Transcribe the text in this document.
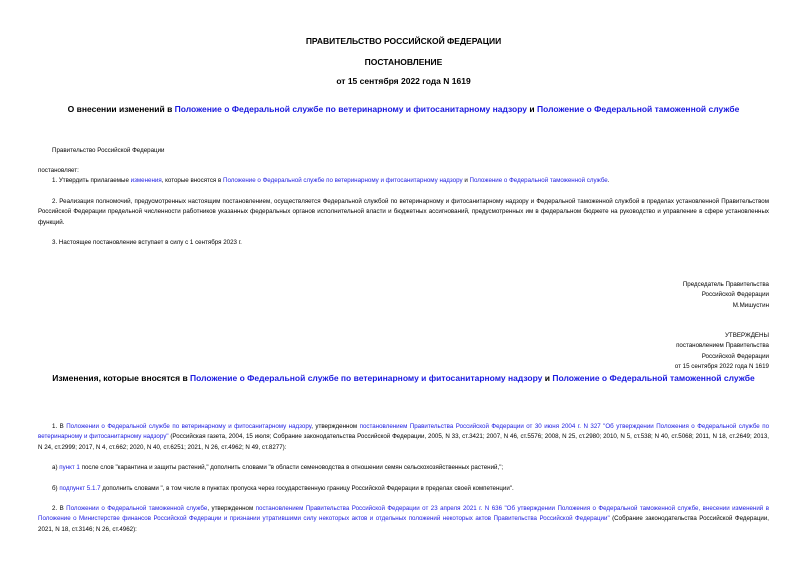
ПРАВИТЕЛЬСТВО РОССИЙСКОЙ ФЕДЕРАЦИИ
ПОСТАНОВЛЕНИЕ
от 15 сентября 2022 года N 1619
О внесении изменений в Положение о Федеральной службе по ветеринарному и фитосанитарному надзору и Положение о Федеральной таможенной службе
Правительство Российской Федерации
постановляет:
1. Утвердить прилагаемые изменения, которые вносятся в Положение о Федеральной службе по ветеринарному и фитосанитарному надзору и Положение о Федеральной таможенной службе.
2. Реализация полномочий, предусмотренных настоящим постановлением, осуществляется Федеральной службой по ветеринарному и фитосанитарному надзору и Федеральной таможенной службой в пределах установленной Правительством Российской Федерации предельной численности работников указанных федеральных органов исполнительной власти и бюджетных ассигнований, предусмотренных им в федеральном бюджете на руководство и управление в сфере установленных функций.
3. Настоящее постановление вступает в силу с 1 сентября 2023 г.
Председатель Правительства
Российской Федерации
М.Мишустин
УТВЕРЖДЕНЫ
постановлением Правительства
Российской Федерации
от 15 сентября 2022 года N 1619
Изменения, которые вносятся в Положение о Федеральной службе по ветеринарному и фитосанитарному надзору и Положение о Федеральной таможенной службе
1. В Положении о Федеральной службе по ветеринарному и фитосанитарному надзору, утвержденном постановлением Правительства Российской Федерации от 30 июня 2004 г. N 327 "Об утверждении Положения о Федеральной службе по ветеринарному и фитосанитарному надзору" (Российская газета, 2004, 15 июля; Собрание законодательства Российской Федерации, 2005, N 33, ст.3421; 2007, N 46, ст.5576; 2008, N 25, ст.2980; 2010, N 5, ст.538; N 40, ст.5068; 2011, N 18, ст.2649; 2013, N 24, ст.2999; 2017, N 4, ст.662; 2020, N 40, ст.6251; 2021, N 26, ст.4962; N 49, ст.8277):
а) пункт 1 после слов "карантина и защиты растений," дополнить словами "в области семеноводства в отношении семян сельскохозяйственных растений,";
б) подпункт 5.1.7 дополнить словами ", в том числе в пунктах пропуска через государственную границу Российской Федерации в пределах своей компетенции".
2. В Положении о Федеральной таможенной службе, утвержденном постановлением Правительства Российской Федерации от 23 апреля 2021 г. N 636 "Об утверждении Положения о Федеральной таможенной службе, внесении изменений в Положение о Министерстве финансов Российской Федерации и признании утратившими силу некоторых актов и отдельных положений некоторых актов Правительства Российской Федерации" (Собрание законодательства Российской Федерации, 2021, N 18, ст.3146; N 26, ст.4962):
